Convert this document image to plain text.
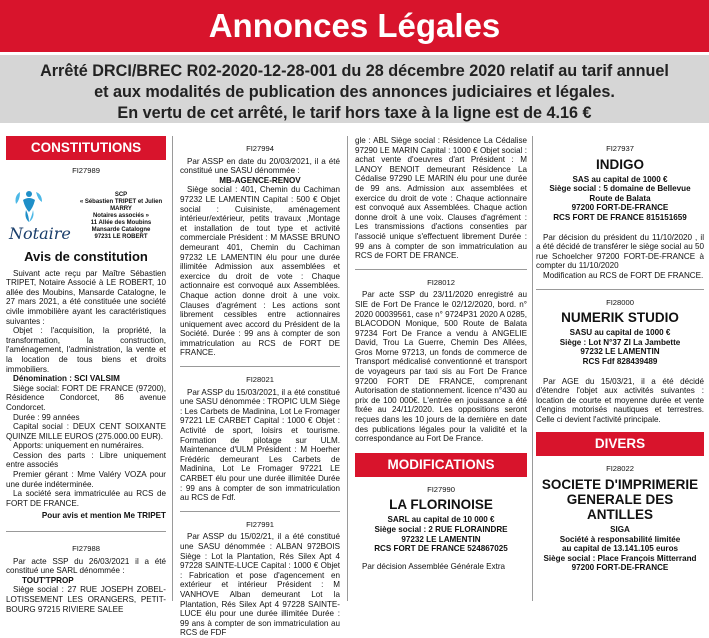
Annonces Légales
Arrêté DRCI/BREC R02-2020-12-28-001 du 28 décembre 2020 relatif au tarif annuel
et aux modalités de publication des annonces judiciaires et légales.
En vertu de cet arrêté, le tarif hors taxe à la ligne est de 4.16 €
CONSTITUTIONS
FI27989
Notaire
SCP
« Sébastien TRIPET et Julien MARRY
Notaires associés »
11 Allée des Moubins
Mansarde Catalogne
97231 LE ROBERT
Avis de constitution

Suivant acte reçu par Maître Sébastien TRIPET, Notaire Associé à LE ROBERT, 10 allée des Moubins, Mansarde Catalogne, le 27 mars 2021, a été constituée une société civile immobilière ayant les caractéristiques suivantes :

Objet : l'acquisition, la propriété, la transformation, la construction, l'aménagement, l'administration, la vente et la location de tous biens et droits immobiliers.

Dénomination : SCI VALSIM

Siège social: FORT DE FRANCE (97200), Résidence Condorcet, 86 avenue Condorcet.

Durée : 99 années

Capital social : DEUX CENT SOIXANTE QUINZE MILLE EUROS (275.000.00 EUR).

Apports: uniquement en numéraires.

Cession des parts : Libre uniquement entre associés

Premier gérant : Mme Valéry VOZA pour une durée indéterminée.

La société sera immatriculée au RCS de FORT DE FRANCE.

Pour avis et mention Me TRIPET

FI27988

Par acte SSP du 26/03/2021 il a été constitué une SARL dénommée :

TOUT'TPROP

Siège social : 27 RUE JOSEPH ZOBEL-LOTISSEMENT LES ORANGERS, PETIT-BOURG 97215 RIVIERE SALEE

FI27994

Par ASSP en date du 20/03/2021, il a été constitué une SASU dénommée :

MB-AGENCE-RENOV

Siège social : 401, Chemin du Cachiman 97232 LE LAMENTIN Capital : 500 € Objet social : Cuisiniste, aménagement intérieur/extérieur, petits travaux ,Montage et installation de tout type et activité commerciale Président : M MASSE BRUNO demeurant 401, Chemin du Cachiman 97232 LE LAMENTIN élu pour une durée illimitée Admission aux assemblées et exercice du droit de vote : Chaque actionnaire est convoqué aux Assemblées. Chaque action donne droit à une voix. Clauses d'agrément : Les actions sont librement cessibles entre actionnaires uniquement avec accord du Président de la Société. Durée : 99 ans à compter de son immatriculation au RCS de FORT DE FRANCE.

FI28021

Par ASSP du 15/03/2021, il a été constitué une SASU dénommée : TROPIC ULM Siège : Les Carbets de Madinina, Lot Le Fromager 97221 LE CARBET Capital : 1000 € Objet : Activité de sport, loisirs et tourisme. Formation de pilotage sur ULM. Maintenance d'ULM Président : M Hoerher Frédéric demeurant Les Carbets de Madinina, Lot Le Fromager 97221 LE CARBET élu pour une durée illimitée Durée : 99 ans à compter de son immatriculation au RCS de Fdf.

FI27991

Par ASSP du 15/02/21, il a été constitué une SASU dénommée : ALBAN 972BOIS Siège : Lot la Plantation, Rés Silex Apt 4 97228 SAINTE-LUCE Capital : 1000 € Objet : Fabrication et pose d'agencement en extérieur et intérieur Président : M VANHOVE Alban demeurant Lot la Plantation, Rés Silex Apt 4 97228 SAINTE-LUCE élu pour une durée illimitée Durée : 99 ans à compter de son immatriculation au RCS de FDF

gle : ABL Siège social : Résidence La Cédalise 97290 LE MARIN Capital : 1000 € Objet social : achat vente d'oeuvres d'art Président : M LANOY BENOIT demeurant Résidence La Cédalise 97290 LE MARIN élu pour une durée de 99 ans. Admission aux assemblées et exercice du droit de vote : Chaque actionnaire est convoqué aux Assemblées. Chaque action donne droit à une voix. Clauses d'agrément : Les transmissions d'actions consenties par l'associé unique s'effectuent librement Durée : 99 ans à compter de son immatriculation au RCS de FORT DE FRANCE.

FI28012

Par acte SSP du 23/11/2020 enregistré au SIE de Fort De France le 02/12/2020, bord. n° 2020 00039561, case n° 9724P31 2020 A 0285, BLACODON Monique, 500 Route de Balata 97234 Fort De France a vendu à ANGELIE David, Trou La Guerre, Chemin Des Allées, Gros Morne 97213, un fonds de commerce de Transport médicalisé conventionné et transport de voyageurs par taxi sis au Fort De France 97200 FORT DE FRANCE, comprenant Autorisation de stationnement. licence n°430 au prix de 100 000€. L'entrée en jouissance a été fixée au 24/11/2020. Les oppositions seront reçues dans les 10 jours de la dernière en date des publications légales pour la validité et la correspondance au Fort De France.

MODIFICATIONS
FI27990

LA FLORINOISE

SARL au capital de 10 000 €

Siège social : 2 RUE FLORAINDRE

97232 LE LAMENTIN

RCS FORT DE FRANCE 524867025

Par décision Assemblée Générale Extra

FI27937

INDIGO

SAS au capital de 1000 €

Siège social : 5 domaine de Bellevue

Route de Balata

97200 FORT-DE-FRANCE

RCS FORT DE FRANCE 815151659

Par décision du président du 11/10/2020 , il a été décidé de transférer le siège social au 50 rue Schoelcher 97200 FORT-DE-FRANCE à compter du 11/10/2020

Modification au RCS de FORT DE FRANCE.

FI28000

NUMERIK STUDIO

SASU au capital de 1000 €

Siège : Lot N°37 ZI La Jambette

97232 LE LAMENTIN

RCS Fdf 828439489

Par AGE du 15/03/21, il a été décidé d'étendre l'objet aux activités suivantes : location de courte et moyenne durée et vente d'engins motorisés nautiques et terrestres. Celle ci devient l'activité principale.

DIVERS
FI28022

SOCIETE D'IMPRIMERIE GENERALE DES ANTILLES

SIGA

Société à responsabilité limitée

au capital de 13.141.105 euros

Siège social : Place François Mitterrand

97200 FORT-DE-FRANCE
